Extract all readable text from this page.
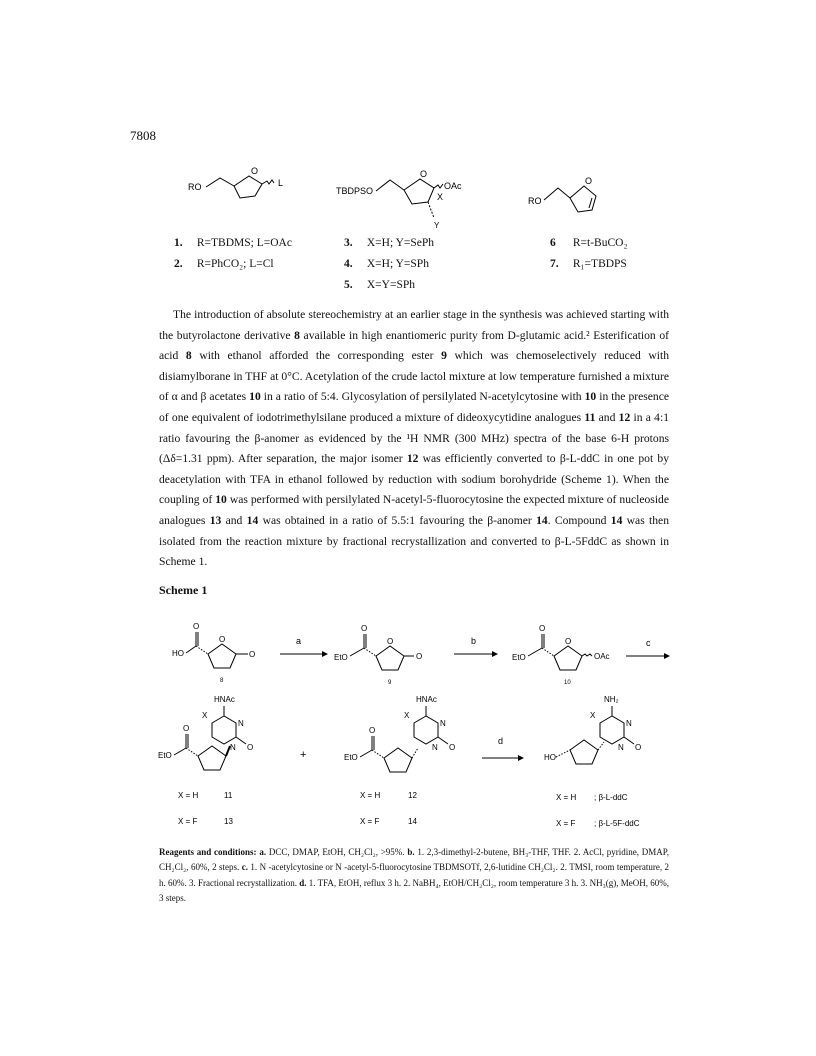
7808
RO
O
L
TBDPSO
O
OAc
X
Y
RO
O
1. R=TBDMS; L=OAc
2. R=PhCO₂; L=Cl
3. X=H; Y=SePh
4. X=H; Y=SPh
5. X=Y=SPh
6 R=t-BuCO₂
7. R₁=TBDPS
The introduction of absolute stereochemistry at an earlier stage in the synthesis was achieved starting with the butyrolactone derivative 8 available in high enantiomeric purity from D-glutamic acid.² Esterification of acid 8 with ethanol afforded the corresponding ester 9 which was chemoselectively reduced with disiamylborane in THF at 0°C. Acetylation of the crude lactol mixture at low temperature furnished a mixture of α and β acetates 10 in a ratio of 5:4. Glycosylation of persilylated N-acetylcytosine with 10 in the presence of one equivalent of iodotrimethylsilane produced a mixture of dideoxycytidine analogues 11 and 12 in a 4:1 ratio favouring the β-anomer as evidenced by the ¹H NMR (300 MHz) spectra of the base 6-H protons (Δδ=1.31 ppm). After separation, the major isomer 12 was efficiently converted to β-L-ddC in one pot by deacetylation with TFA in ethanol followed by reduction with sodium borohydride (Scheme 1). When the coupling of 10 was performed with persilylated N-acetyl-5-fluorocytosine the expected mixture of nucleoside analogues 13 and 14 was obtained in a ratio of 5.5:1 favouring the β-anomer 14. Compound 14 was then isolated from the reaction mixture by fractional recrystallization and converted to β-L-5FddC as shown in Scheme 1.
Scheme 1
HO
O
O
O
8
a
EtO
O
O
O
9
b
EtO
O
O
OAc
10
c
HNAc
X
N
N O
EtO
O
+
HNAc
X
N
N O
EtO
O
d
NH₂
X
N
N O
HO
X = H	11
X = F	13
X = H	12
X = F	14
X = H ; β-L-ddC
X = F ; β-L-5F-ddC
Reagents and conditions: a. DCC, DMAP, EtOH, CH₂Cl₂, >95%. b. 1. 2,3-dimethyl-2-butene, BH₃-THF, THF. 2. AcCl, pyridine, DMAP, CH₂Cl₂, 60%, 2 steps. c. 1. N -acetylcytosine or N -acetyl-5-fluorocytosine TBDMSOTf, 2,6-lutidine CH₂Cl₂. 2. TMSI, room temperature, 2 h. 60%. 3. Fractional recrystallization. d. 1. TFA, EtOH, reflux 3 h. 2. NaBH₄, EtOH/CH₂Cl₂, room temperature 3 h. 3. NH₃(g), MeOH, 60%, 3 steps.
